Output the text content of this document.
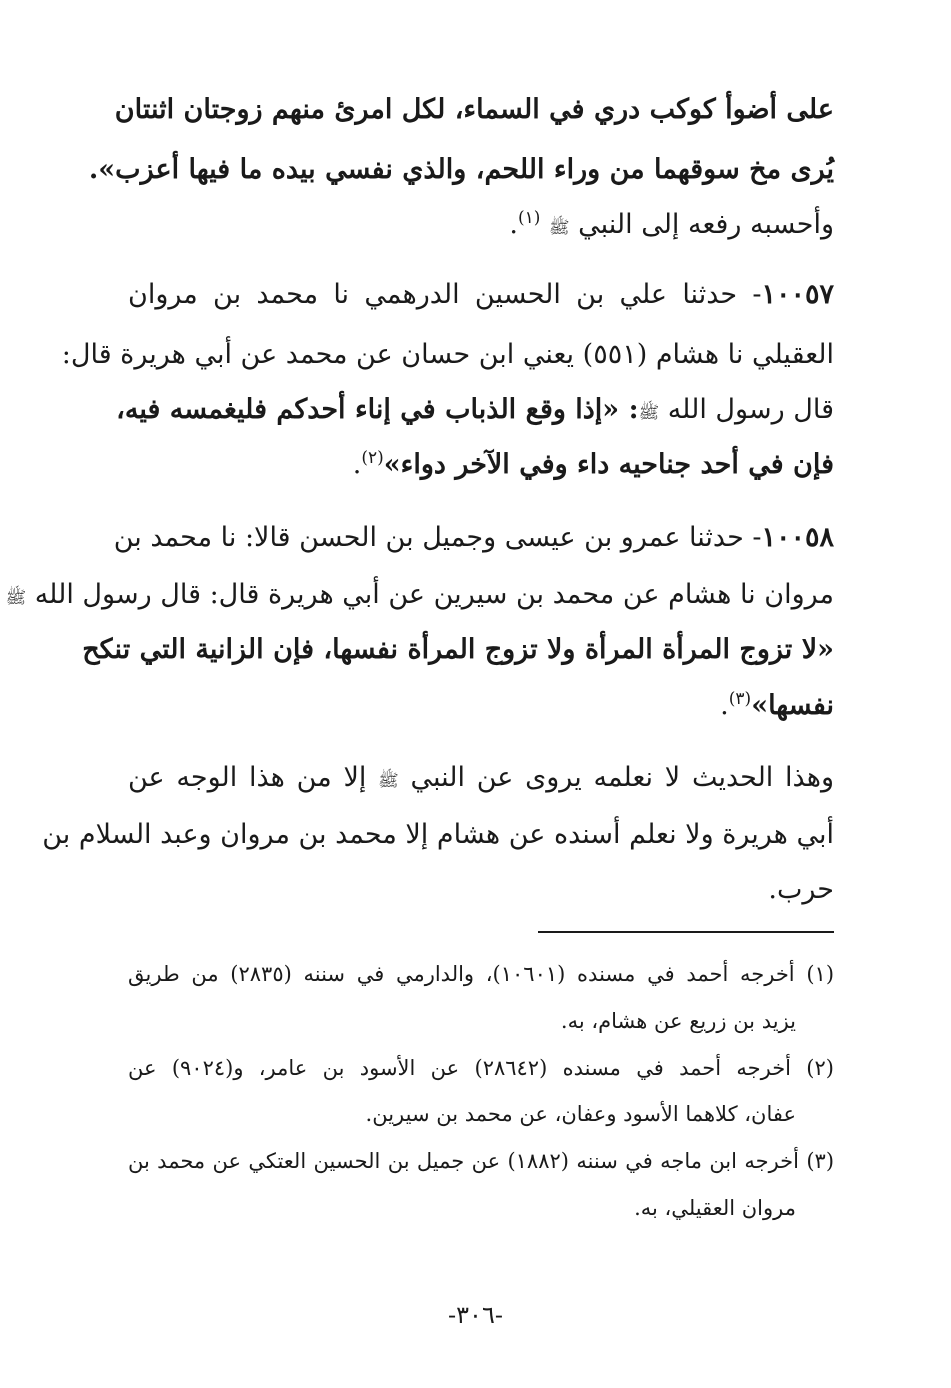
على أضوأ كوكب دري في السماء، لكل امرئ منهم زوجتان اثنتان
يُرى مخ سوقهما من وراء اللحم، والذي نفسي بيده ما فيها أعزب».
وأحسبه رفعه إلى النبي ﷺ $^{(١)}$.
١٠٠٥٧- حدثنا علي بن الحسين الدرهمي نا محمد بن مروان
العقيلي نا هشام (٥٥١) يعني ابن حسان عن محمد عن أبي هريرة قال:
قال رسول الله ﷺ: «إذا وقع الذباب في إناء أحدكم فليغمسه فيه،
فإن في أحد جناحيه داء وفي الآخر دواء»$^{(٢)}$.
١٠٠٥٨- حدثنا عمرو بن عيسى وجميل بن الحسن قالا: نا محمد بن
مروان نا هشام عن محمد بن سيرين عن أبي هريرة قال: قال رسول الله ﷺ
«لا تزوج المرأة المرأة ولا تزوج المرأة نفسها، فإن الزانية التي تنكح
نفسها»$^{(٣)}$.
وهذا الحديث لا نعلمه يروى عن النبي ﷺ إلا من هذا الوجه عن
أبي هريرة ولا نعلم أسنده عن هشام إلا محمد بن مروان وعبد السلام بن
حرب.
(١) أخرجه أحمد في مسنده (١٠٦٠١)، والدارمي في سننه (٢٨٣٥) من طريق
يزيد بن زريع عن هشام، به.
(٢) أخرجه أحمد في مسنده (٢٨٦٤٢) عن الأسود بن عامر، و(٩٠٢٤) عن
عفان، كلاهما الأسود وعفان، عن محمد بن سيرين.
(٣) أخرجه ابن ماجه في سننه (١٨٨٢) عن جميل بن الحسين العتكي عن محمد بن
مروان العقيلي، به.
-٣٠٦-
